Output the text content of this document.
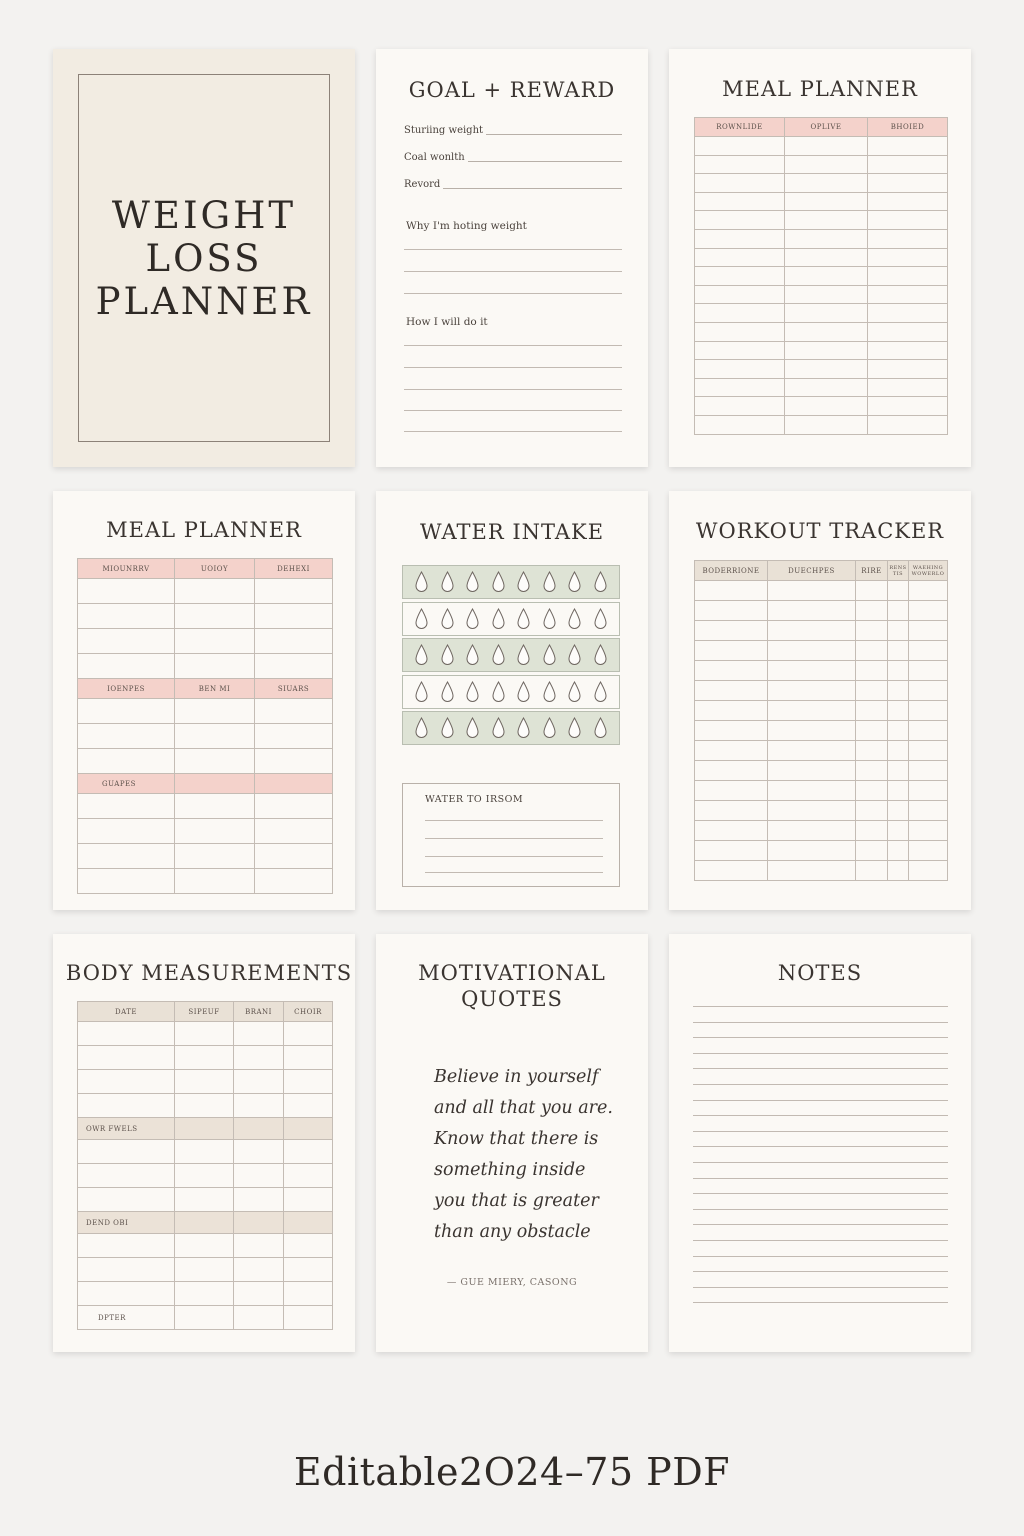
WEIGHT
LOSS
PLANNER
GOAL + REWARD
Sturiing weight
Coal wonlth
Revord
Why I'm hoting weight
How I will do it
MEAL PLANNER
ROWNLIDE	OPLIVE	BHOIED

MEAL PLANNER
MIOUNRRV	UOIOY	DEHEXI

IOENPES	BEN MI	SIUARS

GUAPES		

WATER INTAKE
WATER TO IRSOM
WORKOUT TRACKER
BODERRIONE	DUECHPES	RIRE	RENS TIS	WAEHING WOWERLO

BODY MEASUREMENTS
DATE	SIPEUF	BRANI	CHOIR

OWR FWELS			

DEND OBI			

DPTER			
MOTIVATIONAL
QUOTES
Believe in yourself
and all that you are.
Know that there is
something inside
you that is greater
than any obstacle
— GUE MIERY, CASONG
NOTES
Editable2O24–75 PDF
